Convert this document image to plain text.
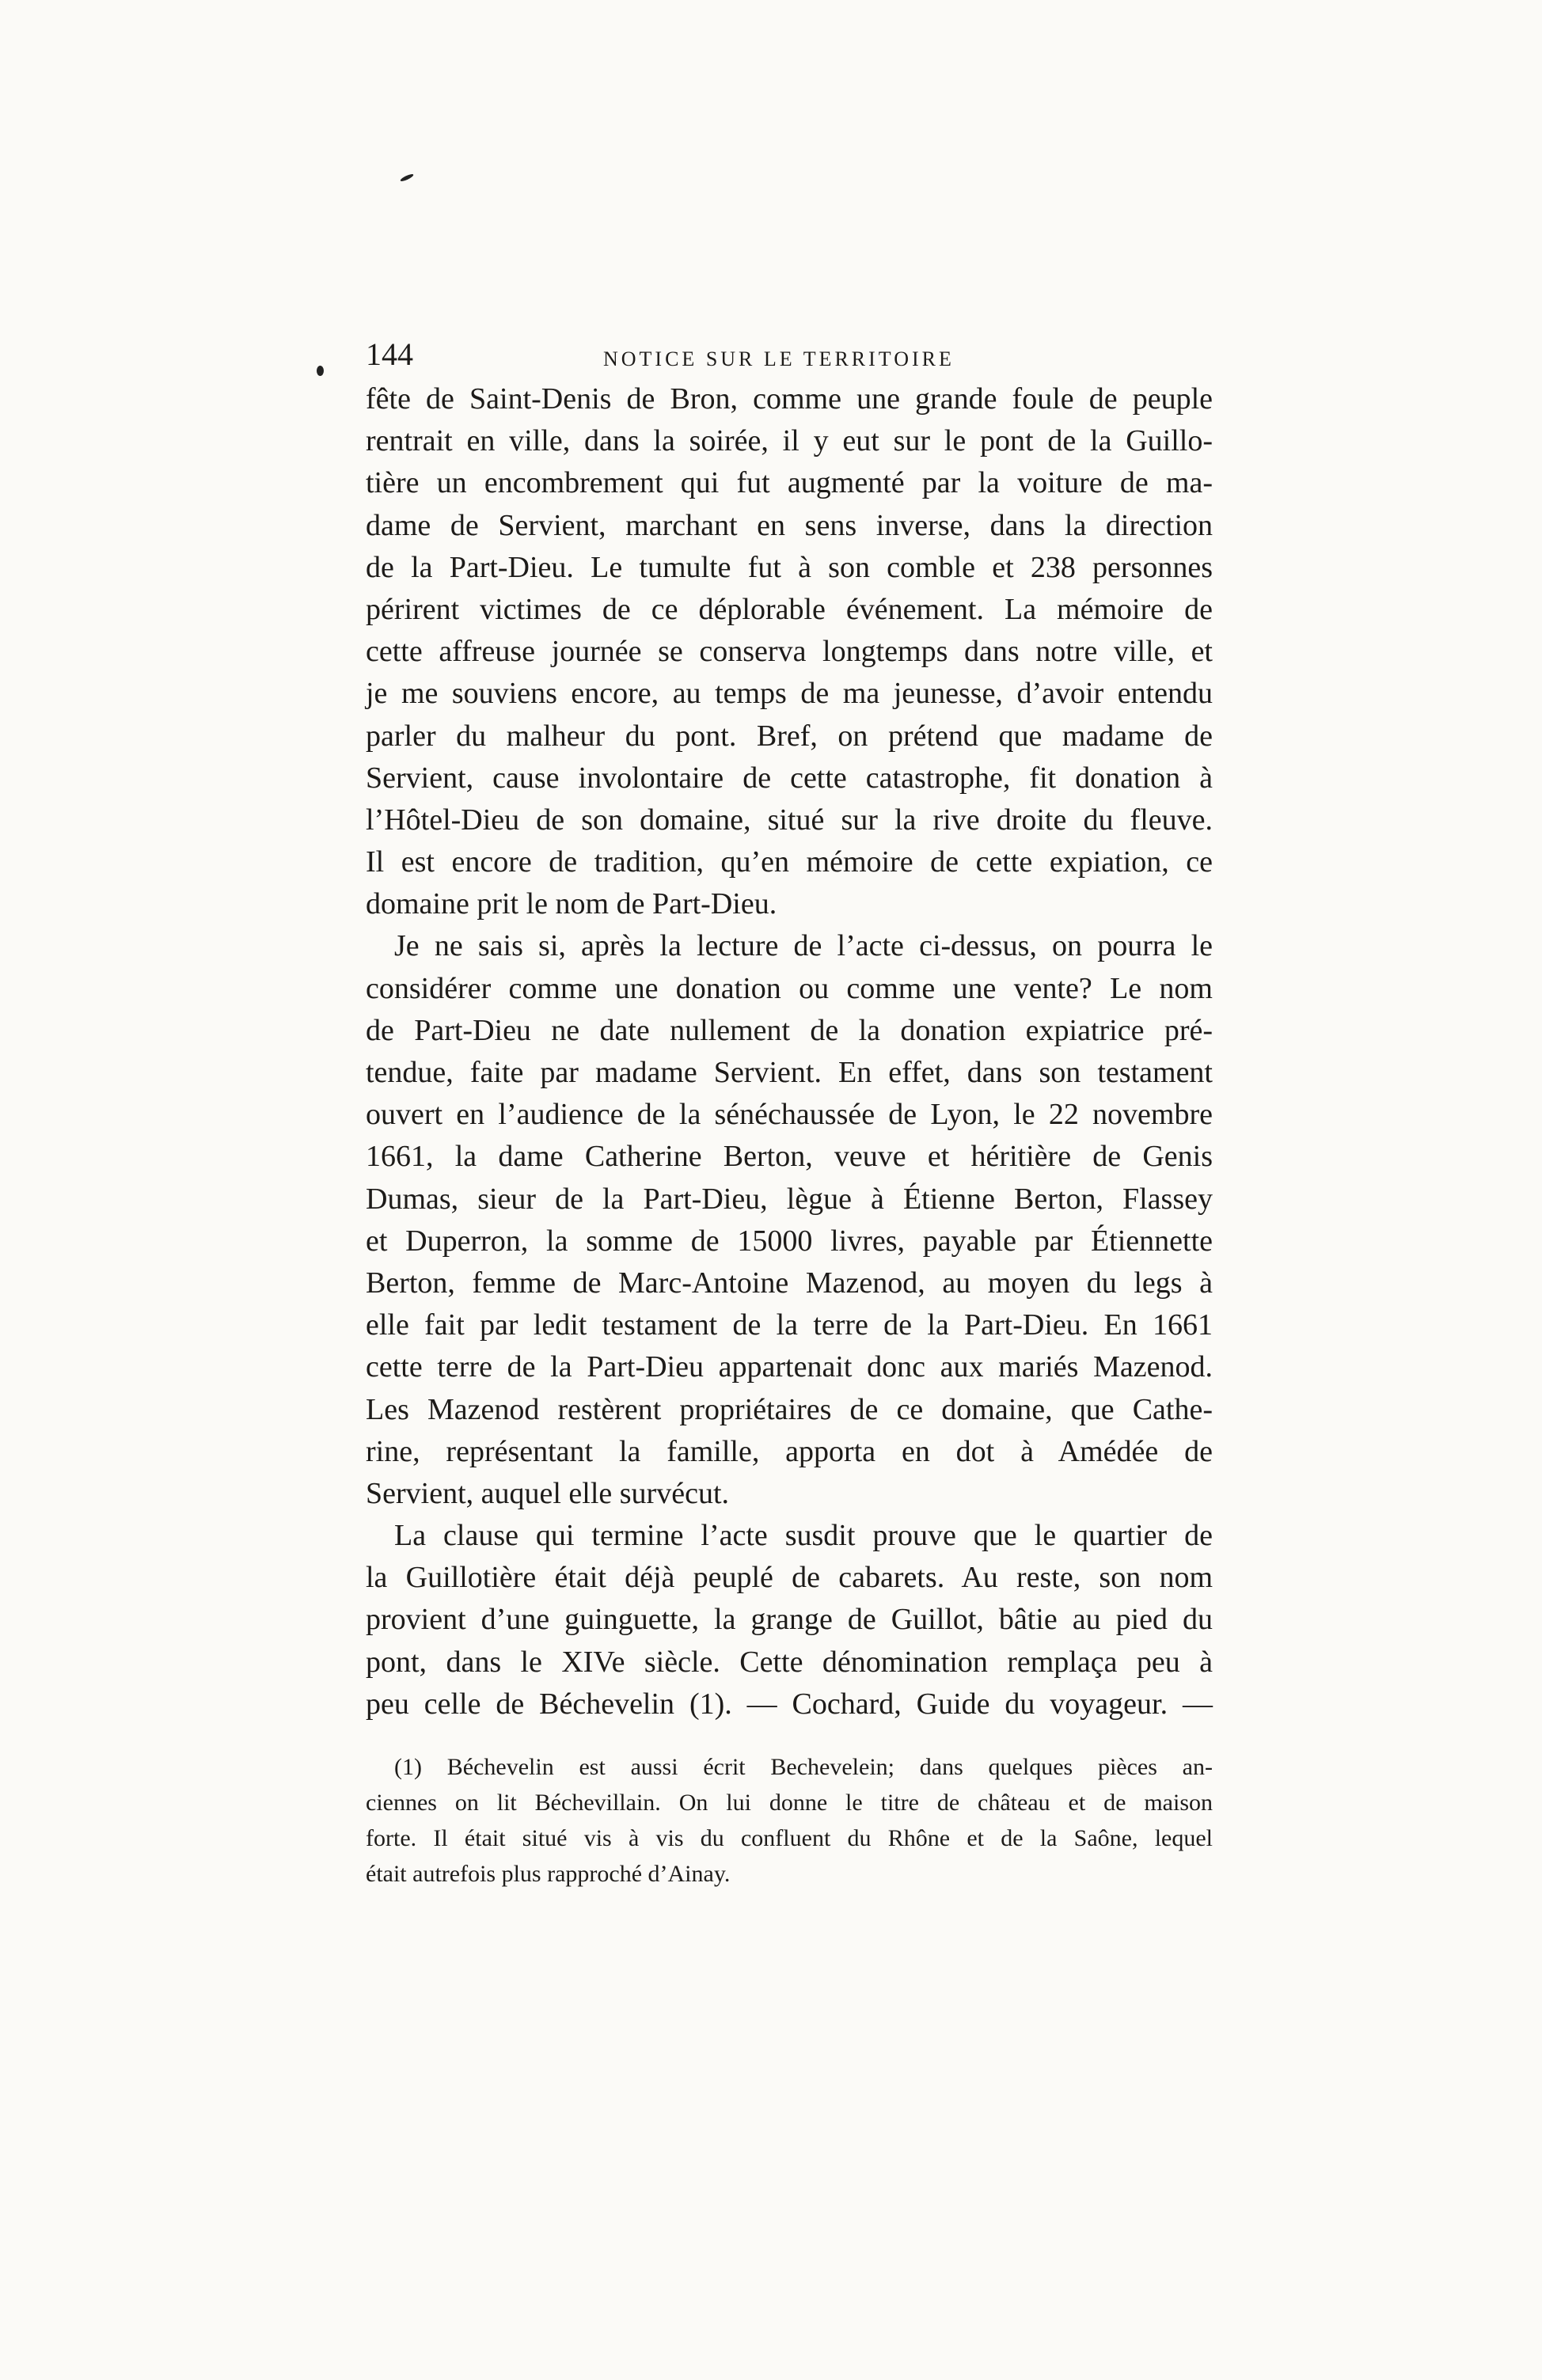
144	NOTICE SUR LE TERRITOIRE
fête de Saint-Denis de Bron, comme une grande foule de peuple
rentrait en ville, dans la soirée, il y eut sur le pont de la Guillo-
tière un encombrement qui fut augmenté par la voiture de ma-
dame de Servient, marchant en sens inverse, dans la direction
de la Part-Dieu. Le tumulte fut à son comble et 238 personnes
périrent victimes de ce déplorable événement. La mémoire de
cette affreuse journée se conserva longtemps dans notre ville, et
je me souviens encore, au temps de ma jeunesse, d’avoir entendu
parler du malheur du pont. Bref, on prétend que madame de
Servient, cause involontaire de cette catastrophe, fit donation à
l’Hôtel-Dieu de son domaine, situé sur la rive droite du fleuve.
Il est encore de tradition, qu’en mémoire de cette expiation, ce
domaine prit le nom de Part-Dieu.
Je ne sais si, après la lecture de l’acte ci-dessus, on pourra le
considérer comme une donation ou comme une vente? Le nom
de Part-Dieu ne date nullement de la donation expiatrice pré-
tendue, faite par madame Servient. En effet, dans son testament
ouvert en l’audience de la sénéchaussée de Lyon, le 22 novembre
1661, la dame Catherine Berton, veuve et héritière de Genis
Dumas, sieur de la Part-Dieu, lègue à Étienne Berton, Flassey
et Duperron, la somme de 15000 livres, payable par Étiennette
Berton, femme de Marc-Antoine Mazenod, au moyen du legs à
elle fait par ledit testament de la terre de la Part-Dieu. En 1661
cette terre de la Part-Dieu appartenait donc aux mariés Mazenod.
Les Mazenod restèrent propriétaires de ce domaine, que Cathe-
rine, représentant la famille, apporta en dot à Amédée de
Servient, auquel elle survécut.
La clause qui termine l’acte susdit prouve que le quartier de
la Guillotière était déjà peuplé de cabarets. Au reste, son nom
provient d’une guinguette, la grange de Guillot, bâtie au pied du
pont, dans le XIVe siècle. Cette dénomination remplaça peu à
peu celle de Béchevelin (1). — Cochard, Guide du voyageur. —
(1) Béchevelin est aussi écrit Bechevelein; dans quelques pièces an-
ciennes on lit Béchevillain. On lui donne le titre de château et de maison
forte. Il était situé vis à vis du confluent du Rhône et de la Saône, lequel
était autrefois plus rapproché d’Ainay.
